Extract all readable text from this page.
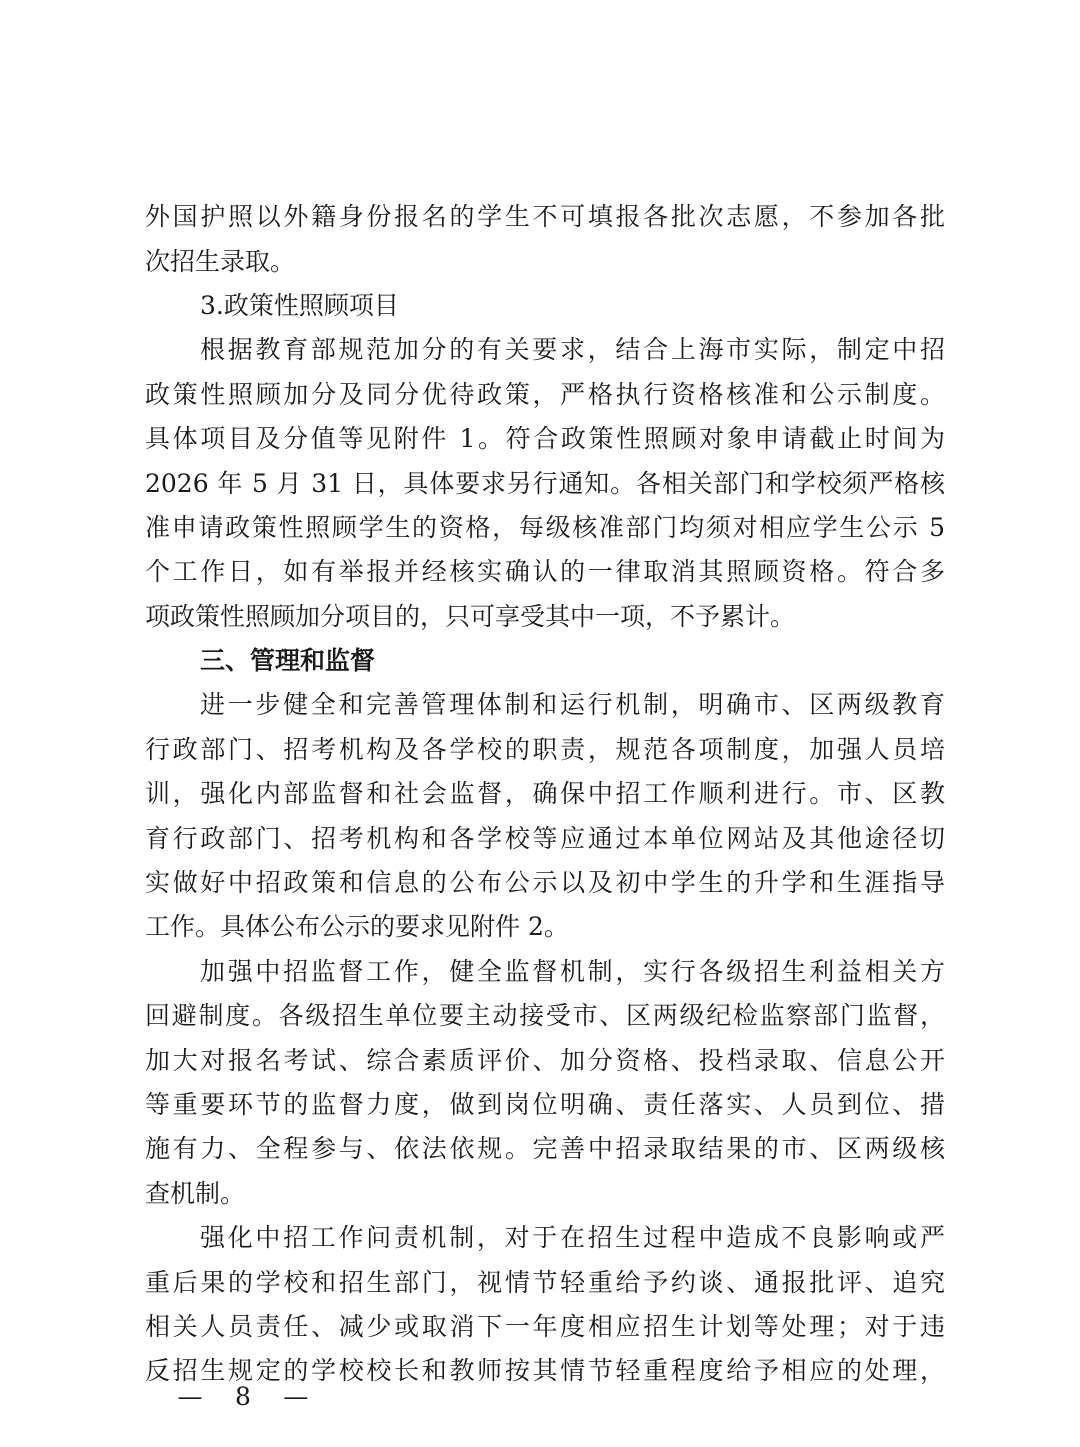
外国护照以外籍身份报名的学生不可填报各批次志愿，不参加各批
次招生录取。
3.政策性照顾项目
根据教育部规范加分的有关要求，结合上海市实际，制定中招
政策性照顾加分及同分优待政策，严格执行资格核准和公示制度。
具体项目及分值等见附件 1。符合政策性照顾对象申请截止时间为
2026 年 5 月 31 日，具体要求另行通知。各相关部门和学校须严格核
准申请政策性照顾学生的资格，每级核准部门均须对相应学生公示 5
个工作日，如有举报并经核实确认的一律取消其照顾资格。符合多
项政策性照顾加分项目的，只可享受其中一项，不予累计。
三、管理和监督
进一步健全和完善管理体制和运行机制，明确市、区两级教育
行政部门、招考机构及各学校的职责，规范各项制度，加强人员培
训，强化内部监督和社会监督，确保中招工作顺利进行。市、区教
育行政部门、招考机构和各学校等应通过本单位网站及其他途径切
实做好中招政策和信息的公布公示以及初中学生的升学和生涯指导
工作。具体公布公示的要求见附件 2。
加强中招监督工作，健全监督机制，实行各级招生利益相关方
回避制度。各级招生单位要主动接受市、区两级纪检监察部门监督，
加大对报名考试、综合素质评价、加分资格、投档录取、信息公开
等重要环节的监督力度，做到岗位明确、责任落实、人员到位、措
施有力、全程参与、依法依规。完善中招录取结果的市、区两级核
查机制。
强化中招工作问责机制，对于在招生过程中造成不良影响或严
重后果的学校和招生部门，视情节轻重给予约谈、通报批评、追究
相关人员责任、减少或取消下一年度相应招生计划等处理；对于违
反招生规定的学校校长和教师按其情节轻重程度给予相应的处理，
— 8 —
